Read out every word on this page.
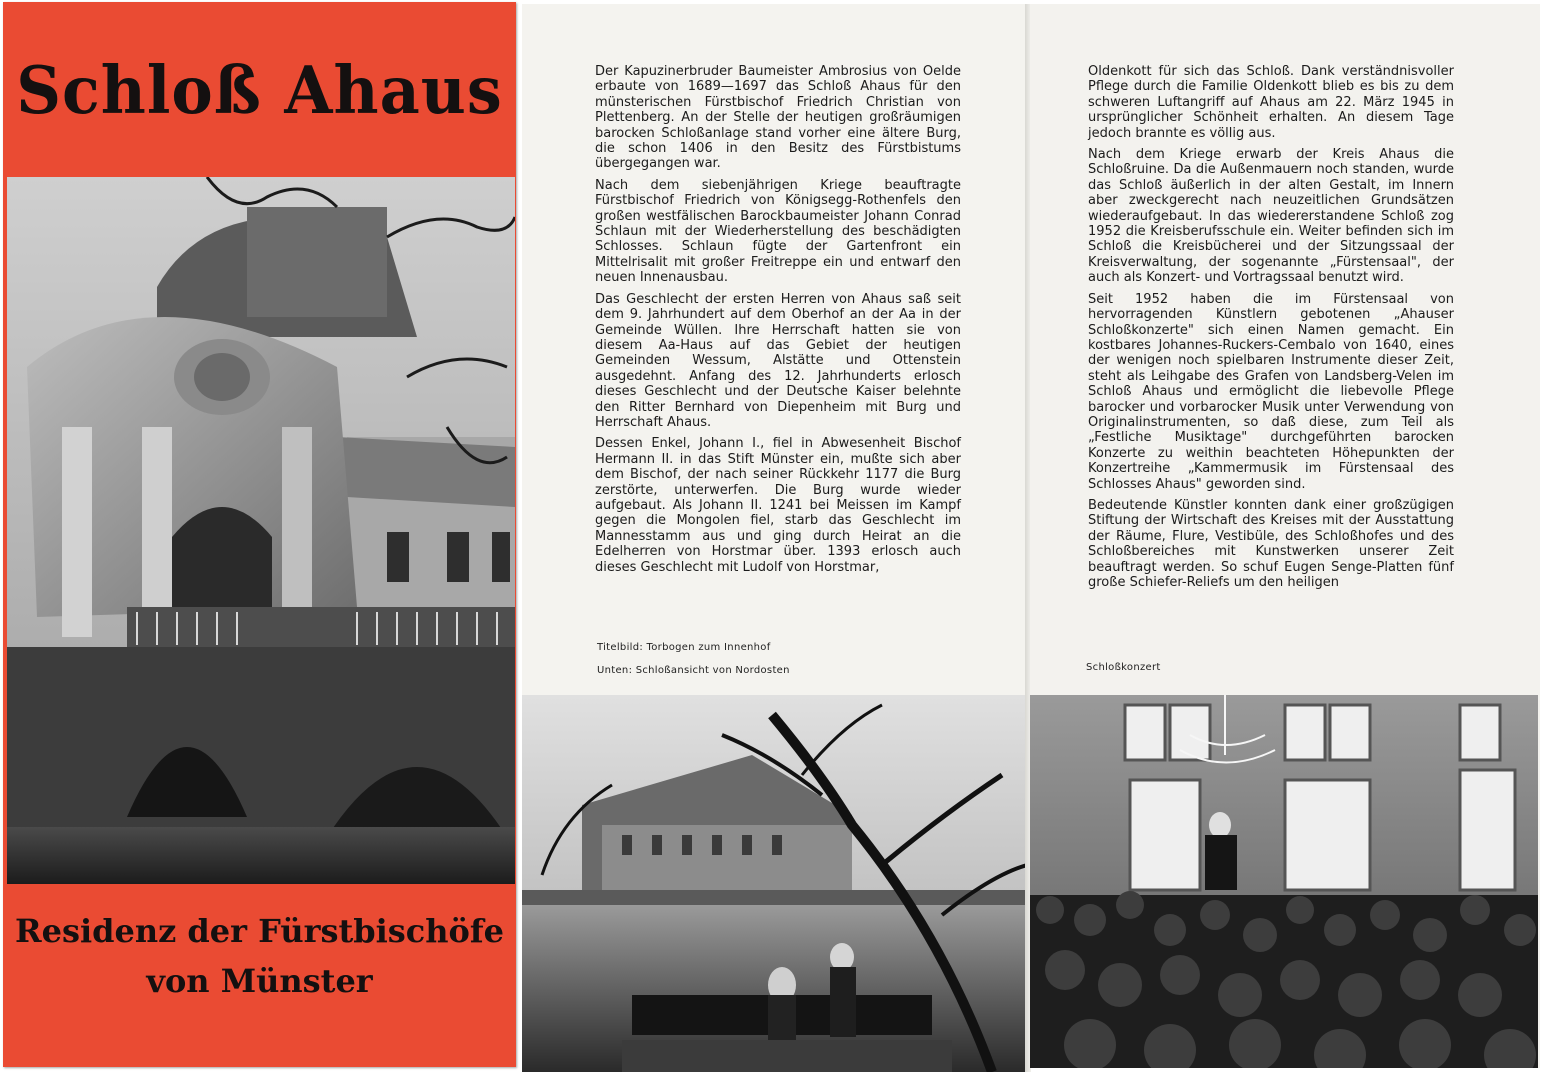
Schloß Ahaus
Residenz der Fürstbischöfe
von Münster

Der Kapuzinerbruder Baumeister Ambrosius von Oelde erbaute von 1689—1697 das Schloß Ahaus für den münsterischen Fürstbischof Friedrich Christian von Plettenberg. An der Stelle der heutigen großräumigen barocken Schloßanlage stand vorher eine ältere Burg, die schon 1406 in den Besitz des Fürstbistums übergegangen war.

Nach dem siebenjährigen Kriege beauftragte Fürstbischof Friedrich von Königsegg-Rothenfels den großen westfälischen Barockbaumeister Johann Conrad Schlaun mit der Wiederherstellung des beschädigten Schlosses. Schlaun fügte der Gartenfront ein Mittelrisalit mit großer Freitreppe ein und entwarf den neuen Innenausbau.

Das Geschlecht der ersten Herren von Ahaus saß seit dem 9. Jahrhundert auf dem Oberhof an der Aa in der Gemeinde Wüllen. Ihre Herrschaft hatten sie von diesem Aa-Haus auf das Gebiet der heutigen Gemeinden Wessum, Alstätte und Ottenstein ausgedehnt. Anfang des 12. Jahrhunderts erlosch dieses Geschlecht und der Deutsche Kaiser belehnte den Ritter Bernhard von Diepenheim mit Burg und Herrschaft Ahaus.

Dessen Enkel, Johann I., fiel in Abwesenheit Bischof Hermann II. in das Stift Münster ein, mußte sich aber dem Bischof, der nach seiner Rückkehr 1177 die Burg zerstörte, unterwerfen. Die Burg wurde wieder aufgebaut. Als Johann II. 1241 bei Meissen im Kampf gegen die Mongolen fiel, starb das Geschlecht im Mannesstamm aus und ging durch Heirat an die Edelherren von Horstmar über. 1393 erlosch auch dieses Geschlecht mit Ludolf von Horstmar,

Titelbild: Torbogen zum Innenhof
Unten: Schloßansicht von Nordosten

Oldenkott für sich das Schloß. Dank verständnisvoller Pflege durch die Familie Oldenkott blieb es bis zu dem schweren Luftangriff auf Ahaus am 22. März 1945 in ursprünglicher Schönheit erhalten. An diesem Tage jedoch brannte es völlig aus.

Nach dem Kriege erwarb der Kreis Ahaus die Schloßruine. Da die Außenmauern noch standen, wurde das Schloß äußerlich in der alten Gestalt, im Innern aber zweckgerecht nach neuzeitlichen Grundsätzen wiederaufgebaut. In das wiedererstandene Schloß zog 1952 die Kreisberufsschule ein. Weiter befinden sich im Schloß die Kreisbücherei und der Sitzungssaal der Kreisverwaltung, der sogenannte „Fürstensaal", der auch als Konzert- und Vortragssaal benutzt wird.

Seit 1952 haben die im Fürstensaal von hervorragenden Künstlern gebotenen „Ahauser Schloßkonzerte" sich einen Namen gemacht. Ein kostbares Johannes-Ruckers-Cembalo von 1640, eines der wenigen noch spielbaren Instrumente dieser Zeit, steht als Leihgabe des Grafen von Landsberg-Velen im Schloß Ahaus und ermöglicht die liebevolle Pflege barocker und vorbarocker Musik unter Verwendung von Originalinstrumenten, so daß diese, zum Teil als „Festliche Musiktage" durchgeführten barocken Konzerte zu weithin beachteten Höhepunkten der Konzertreihe „Kammermusik im Fürstensaal des Schlosses Ahaus" geworden sind.

Bedeutende Künstler konnten dank einer großzügigen Stiftung der Wirtschaft des Kreises mit der Ausstattung der Räume, Flure, Vestibüle, des Schloßhofes und des Schloßbereiches mit Kunstwerken unserer Zeit beauftragt werden. So schuf Eugen Senge-Platten fünf große Schiefer-Reliefs um den heiligen

Schloßkonzert
